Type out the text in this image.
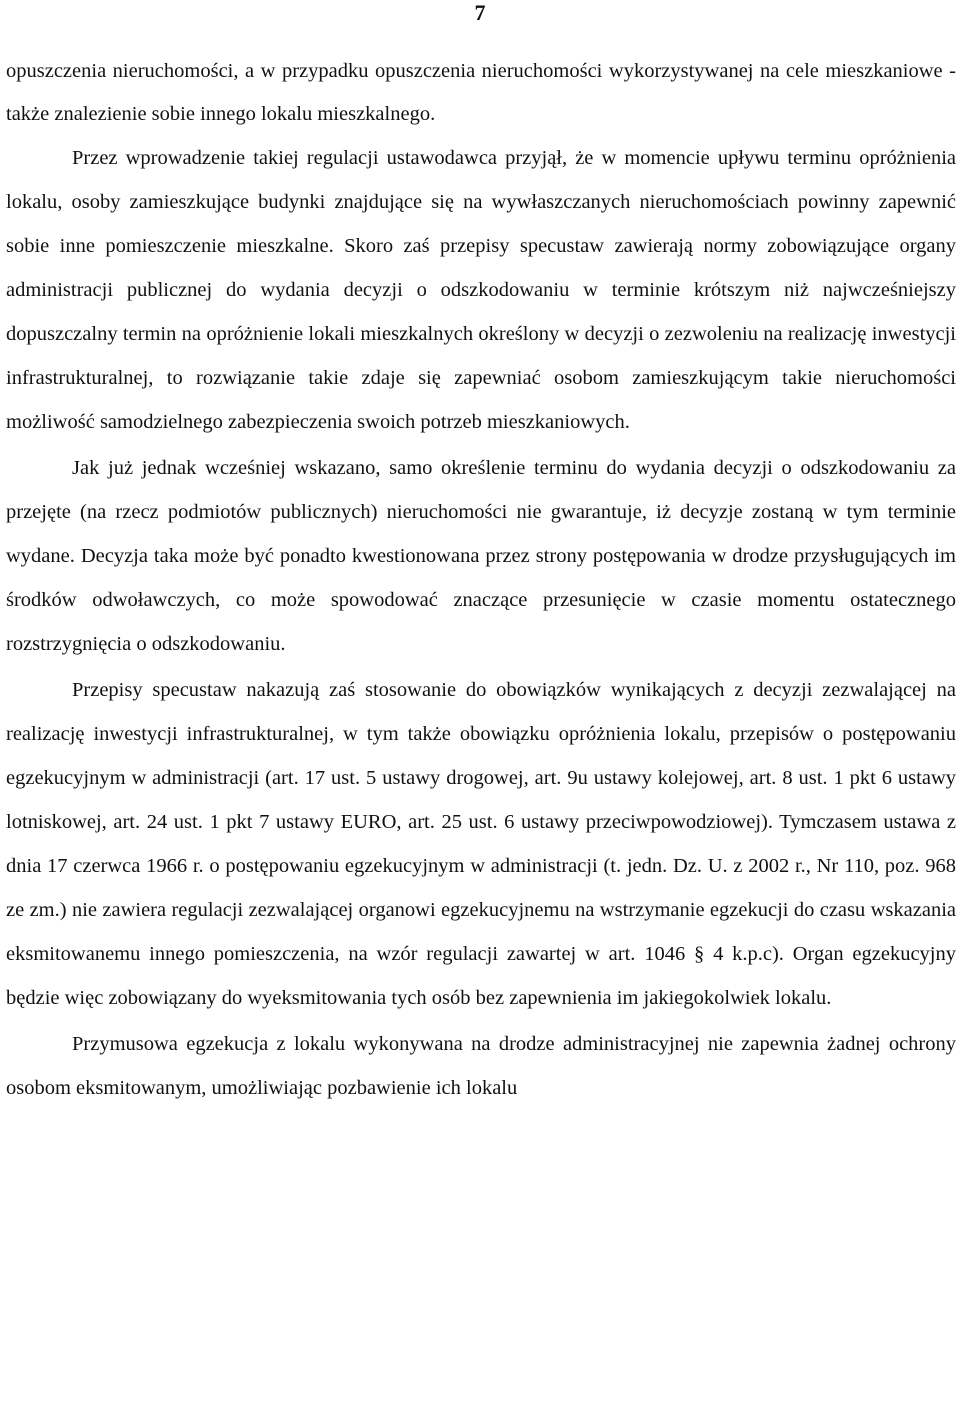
7

opuszczenia nieruchomości, a w przypadku opuszczenia nieruchomości wykorzystywanej na cele mieszkaniowe - także znalezienie sobie innego lokalu mieszkalnego.

Przez wprowadzenie takiej regulacji ustawodawca przyjął, że w momencie upływu terminu opróżnienia lokalu, osoby zamieszkujące budynki znajdujące się na wywłaszczanych nieruchomościach powinny zapewnić sobie inne pomieszczenie mieszkalne. Skoro zaś przepisy specustaw zawierają normy zobowiązujące organy administracji publicznej do wydania decyzji o odszkodowaniu w terminie krótszym niż najwcześniejszy dopuszczalny termin na opróżnienie lokali mieszkalnych określony w decyzji o zezwoleniu na realizację inwestycji infrastrukturalnej, to rozwiązanie takie zdaje się zapewniać osobom zamieszkującym takie nieruchomości możliwość samodzielnego zabezpieczenia swoich potrzeb mieszkaniowych.

Jak już jednak wcześniej wskazano, samo określenie terminu do wydania decyzji o odszkodowaniu za przejęte (na rzecz podmiotów publicznych) nieruchomości nie gwarantuje, iż decyzje zostaną w tym terminie wydane. Decyzja taka może być ponadto kwestionowana przez strony postępowania w drodze przysługujących im środków odwoławczych, co może spowodować znaczące przesunięcie w czasie momentu ostatecznego rozstrzygnięcia o odszkodowaniu.

Przepisy specustaw nakazują zaś stosowanie do obowiązków wynikających z decyzji zezwalającej na realizację inwestycji infrastrukturalnej, w tym także obowiązku opróżnienia lokalu, przepisów o postępowaniu egzekucyjnym w administracji (art. 17 ust. 5 ustawy drogowej, art. 9u ustawy kolejowej, art. 8 ust. 1 pkt 6 ustawy lotniskowej, art. 24 ust. 1 pkt 7 ustawy EURO, art. 25 ust. 6 ustawy przeciwpowodziowej). Tymczasem ustawa z dnia 17 czerwca 1966 r. o postępowaniu egzekucyjnym w administracji (t. jedn. Dz. U. z 2002 r., Nr 110, poz. 968 ze zm.) nie zawiera regulacji zezwalającej organowi egzekucyjnemu na wstrzymanie egzekucji do czasu wskazania eksmitowanemu innego pomieszczenia, na wzór regulacji zawartej w art. 1046 § 4 k.p.c). Organ egzekucyjny będzie więc zobowiązany do wyeksmitowania tych osób bez zapewnienia im jakiegokolwiek lokalu.

Przymusowa egzekucja z lokalu wykonywana na drodze administracyjnej nie zapewnia żadnej ochrony osobom eksmitowanym, umożliwiając pozbawienie ich lokalu
